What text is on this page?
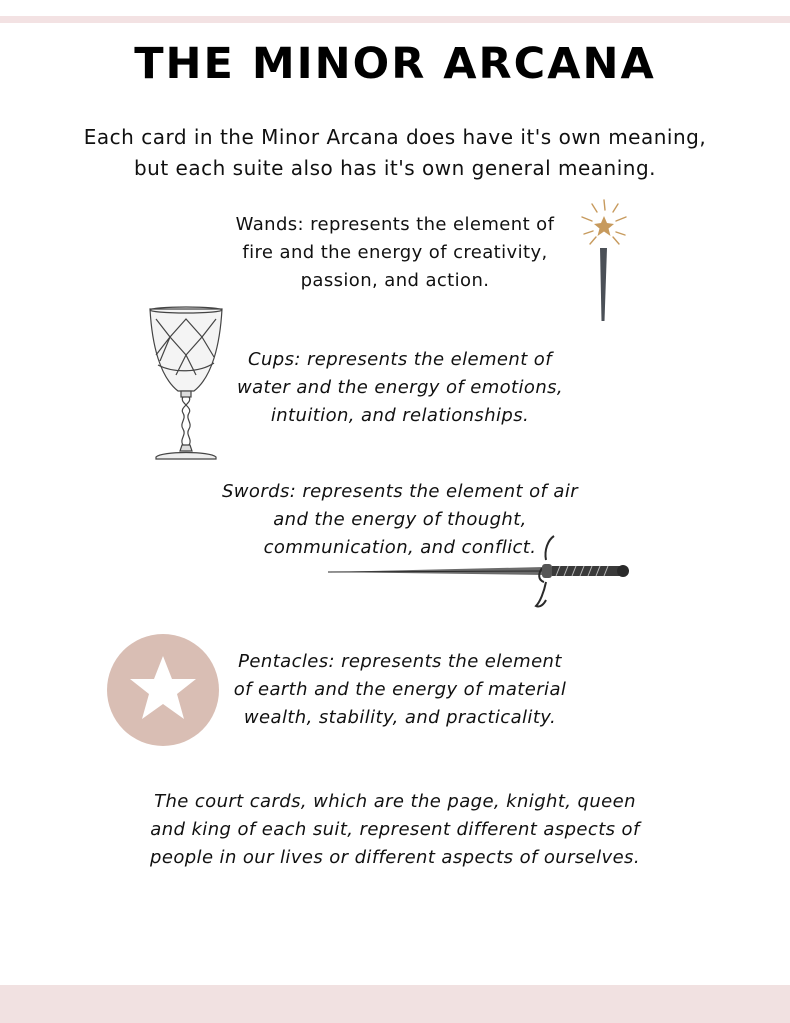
THE MINOR ARCANA

Each card in the Minor Arcana does have it's own meaning,
but each suite also has it's own general meaning.

Wands: represents the element of
fire and the energy of creativity,
passion, and action.

Cups: represents the element of
water and the energy of emotions,
intuition, and relationships.

Swords: represents the element of air
and the energy of thought,
communication, and conflict.

Pentacles: represents the element
of earth and the energy of material
wealth, stability, and practicality.

The court cards, which are the page, knight, queen
and king of each suit, represent different aspects of
people in our lives or different aspects of ourselves.
